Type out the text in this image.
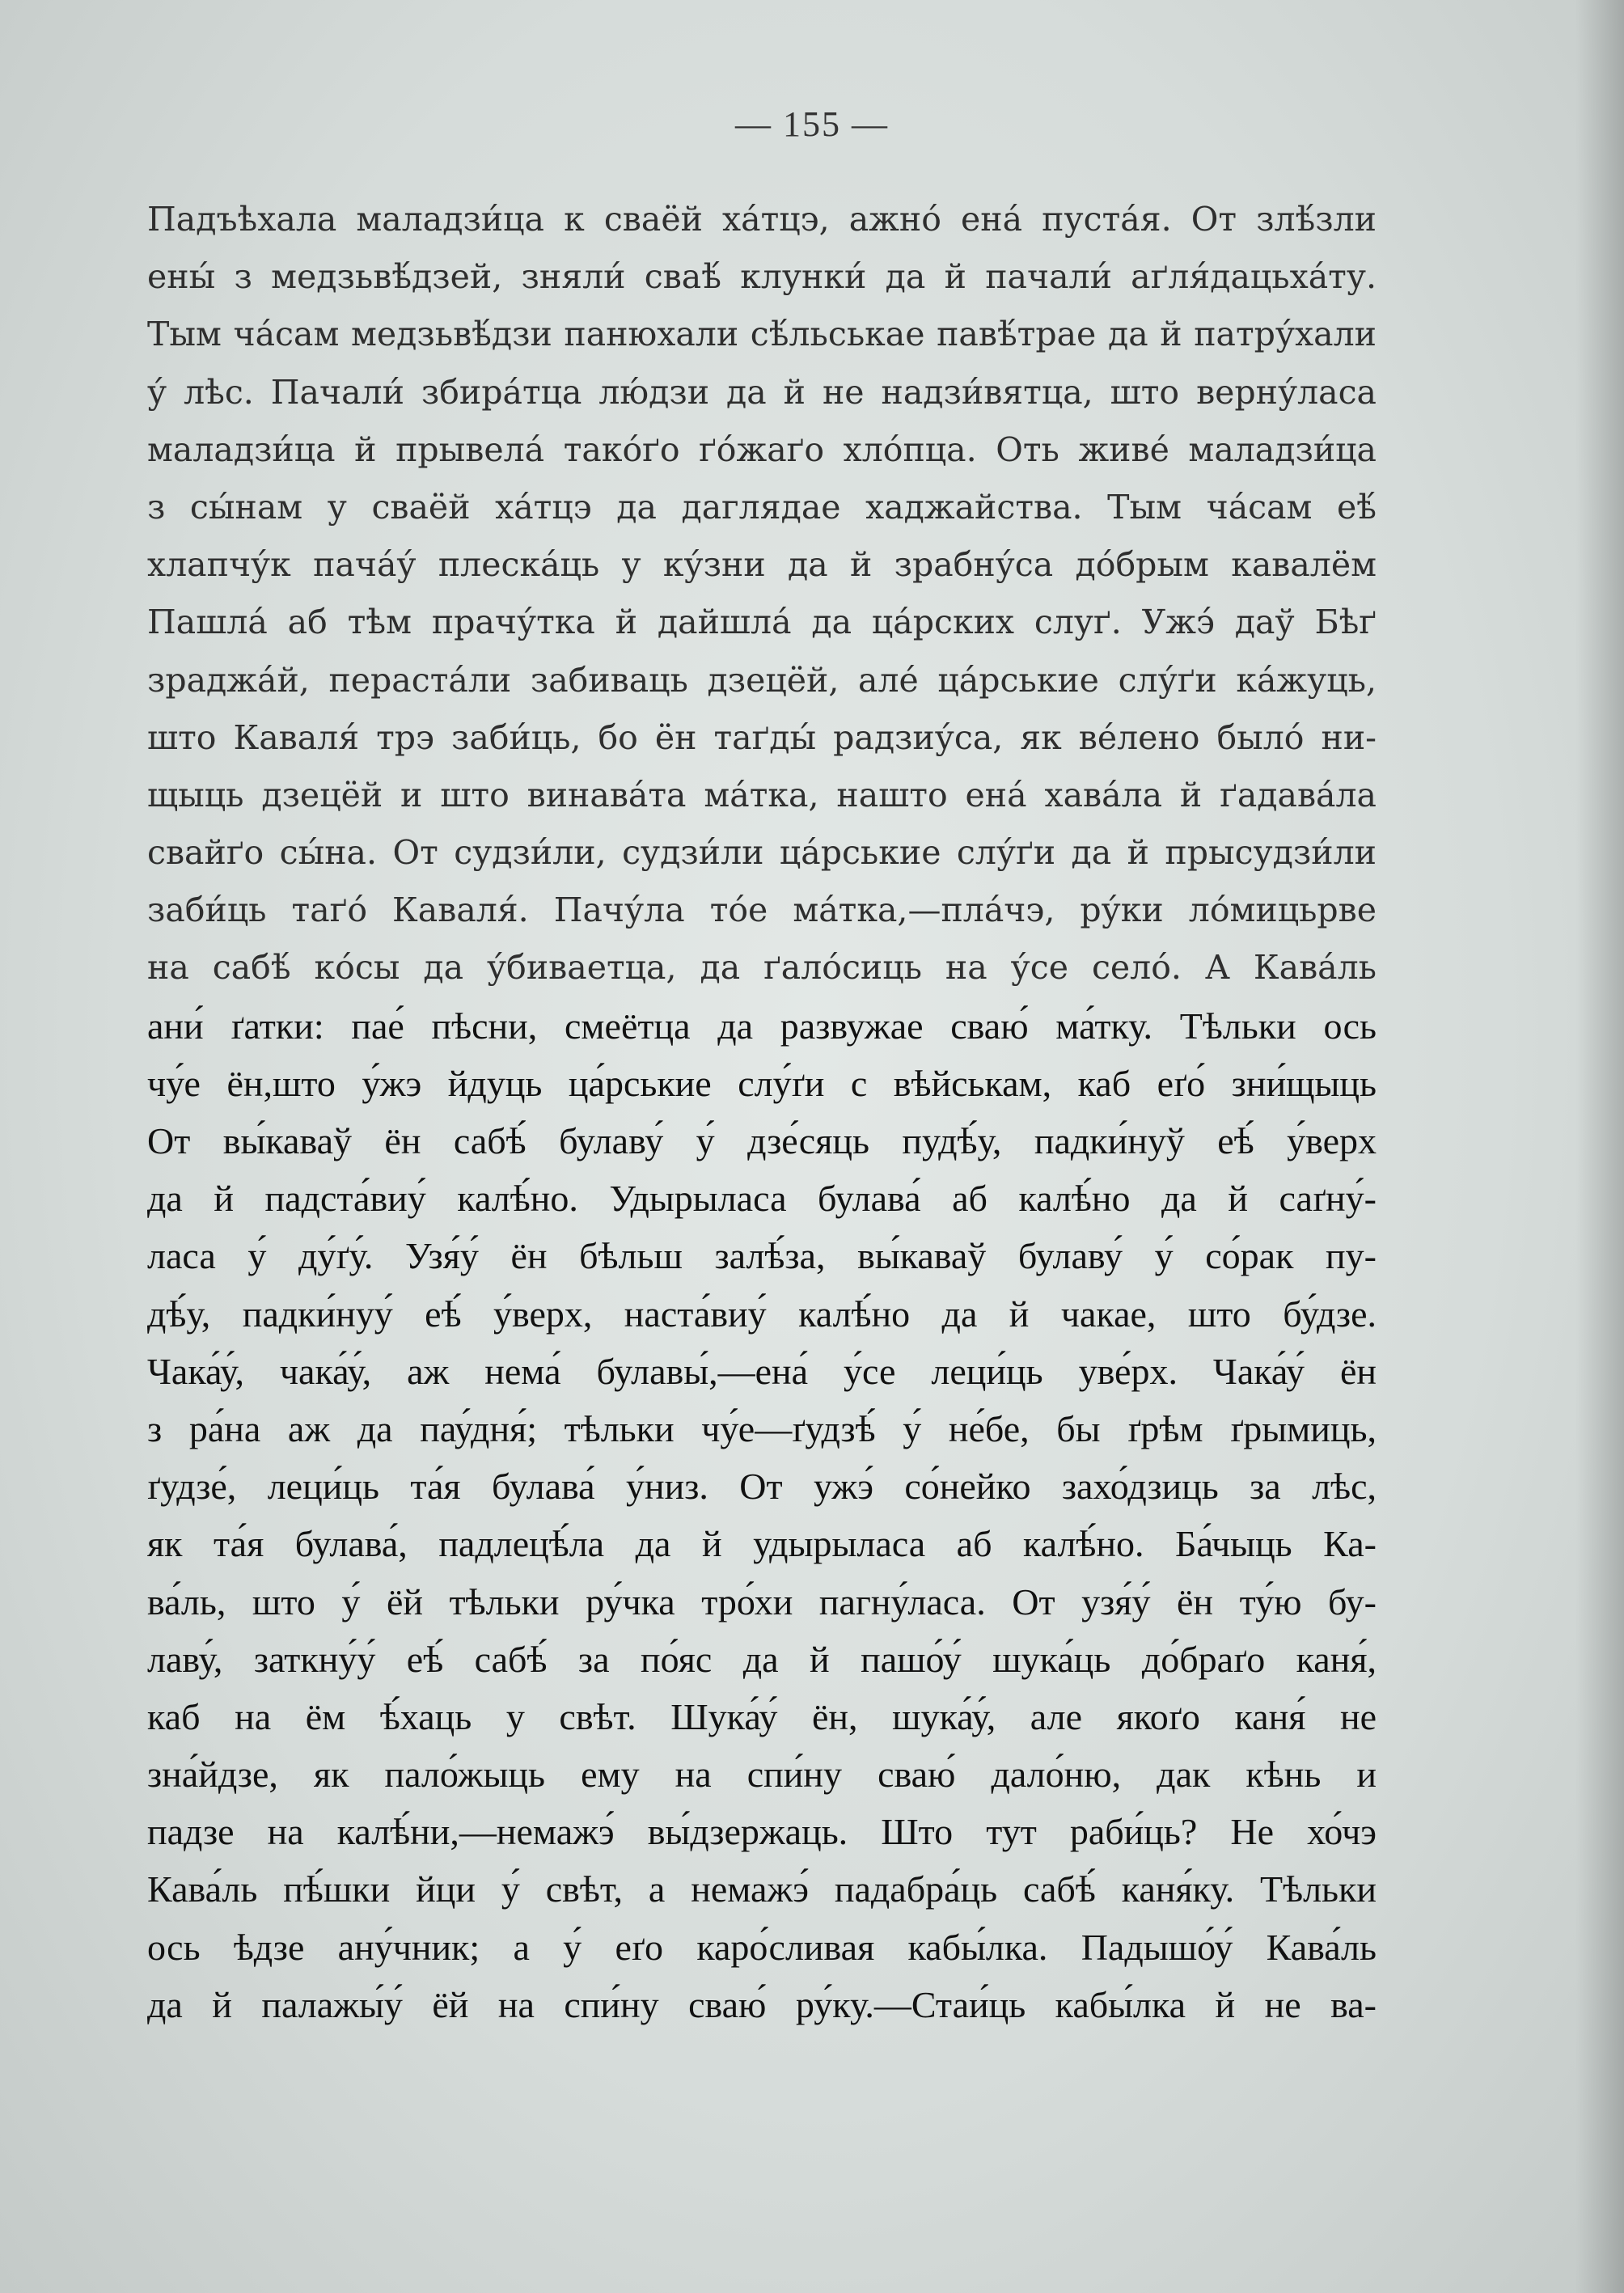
— 155 —
Падъѣхала маладзи́ца к сваёй ха́тцэ, ажно́ ена́ пуста́я. От злѣ́зли
ены́ з медзьвѣ́дзей, зняли́ сваѣ́ клунки́ да й пачали́ аґля́дацьха́ту.
Тым ча́сам медзьвѣ́дзи панюхали сѣ́льськае павѣ́трае да й патру́хали
у́ лѣс. Пачали́ збира́тца лю́дзи да й не надзи́вятца, што верну́ласа
маладзи́ца й прывела́ тако́ґо ґо́жаґо хло́пца. Оть живе́ маладзи́ца
з сы́нам у сваёй ха́тцэ да даглядае хаджайства. Тым ча́сам еѣ́
хлапчу́к пача́у́ плеска́ць у ку́зни да й зрабну́са до́брым кавалём
Пашла́ аб тѣм прачу́тка й дайшла́ да ца́рских слуґ. Ужэ́ даў Бѣґ
зраджа́й, пераста́ли забиваць дзецёй, але́ ца́рськие слу́ґи ка́жуць,
што Каваля́ трэ заби́ць, бо ён таґды́ радзиу́са, як ве́лено было́ ни-
щыць дзецёй и што винава́та ма́тка, нашто ена́ хава́ла й ґадава́ла
свайґо сы́на. От судзи́ли, судзи́ли ца́рськие слу́ґи да й прысудзи́ли
заби́ць таґо́ Каваля́. Пачу́ла то́е ма́тка,—пла́чэ, ру́ки ло́мицьрве
на сабѣ́ ко́сы да у́биваетца, да ґало́сиць на у́се село́. А Кава́ль
ани́ ґатки: пае́ пѣсни, смеётца да развужае сваю́ ма́тку. Тѣльки ось
чу́е ён,што у́жэ йдуць ца́рськие слу́ґи с вѣйськам, каб еґо́ зни́щыць
От вы́каваў ён сабѣ́ булаву́ у́ дзе́сяць пудѣ́у, падки́нуў еѣ́ у́верх
да й падста́виу́ калѣ́но. Удырыласа булава́ аб калѣ́но да й саґну́-
ласа у́ ду́ґу́. Узя́у́ ён бѣльш залѣ́за, вы́каваў булаву́ у́ со́рак пу-
дѣ́у, падки́нуу́ еѣ́ у́верх, наста́виу́ калѣ́но да й чакае, што бу́дзе.
Чака́у́, чака́у́, аж нема́ булавы́,—ена́ у́се леци́ць уве́рх. Чака́у́ ён
з ра́на аж да пау́дня́; тѣльки чу́е—ґудзѣ́ у́ не́бе, бы ґрѣм ґрымиць,
ґудзе́, леци́ць та́я булава́ у́низ. От ужэ́ со́нейко захо́дзиць за лѣс,
як та́я булава́, падлецѣ́ла да й удырыласа аб калѣ́но. Ба́чыць Ка-
ва́ль, што у́ ёй тѣльки ру́чка тро́хи пагну́ласа. От узя́у́ ён ту́ю бу-
лаву́, заткну́у́ еѣ́ сабѣ́ за по́яс да й пашо́у́ шука́ць до́браґо каня́,
каб на ём ѣ́хаць у свѣт. Шука́у́ ён, шука́у́, але якоґо каня́ не
зна́йдзе, як пало́жыць ему на спи́ну сваю́ дало́ню, дак кѣнь и
падзе на калѣ́ни,—немажэ́ вы́дзержаць. Што тут раби́ць? Не хо́чэ
Кава́ль пѣ́шки йци у́ свѣт, а немажэ́ падабра́ць сабѣ́ каня́ку. Тѣльки
ось ѣдзе ану́чник; а у́ еґо каро́сливая кабы́лка. Падышо́у́ Кава́ль
да й палажы́у́ ёй на спи́ну сваю́ ру́ку.—Стаи́ць кабы́лка й не ва-
